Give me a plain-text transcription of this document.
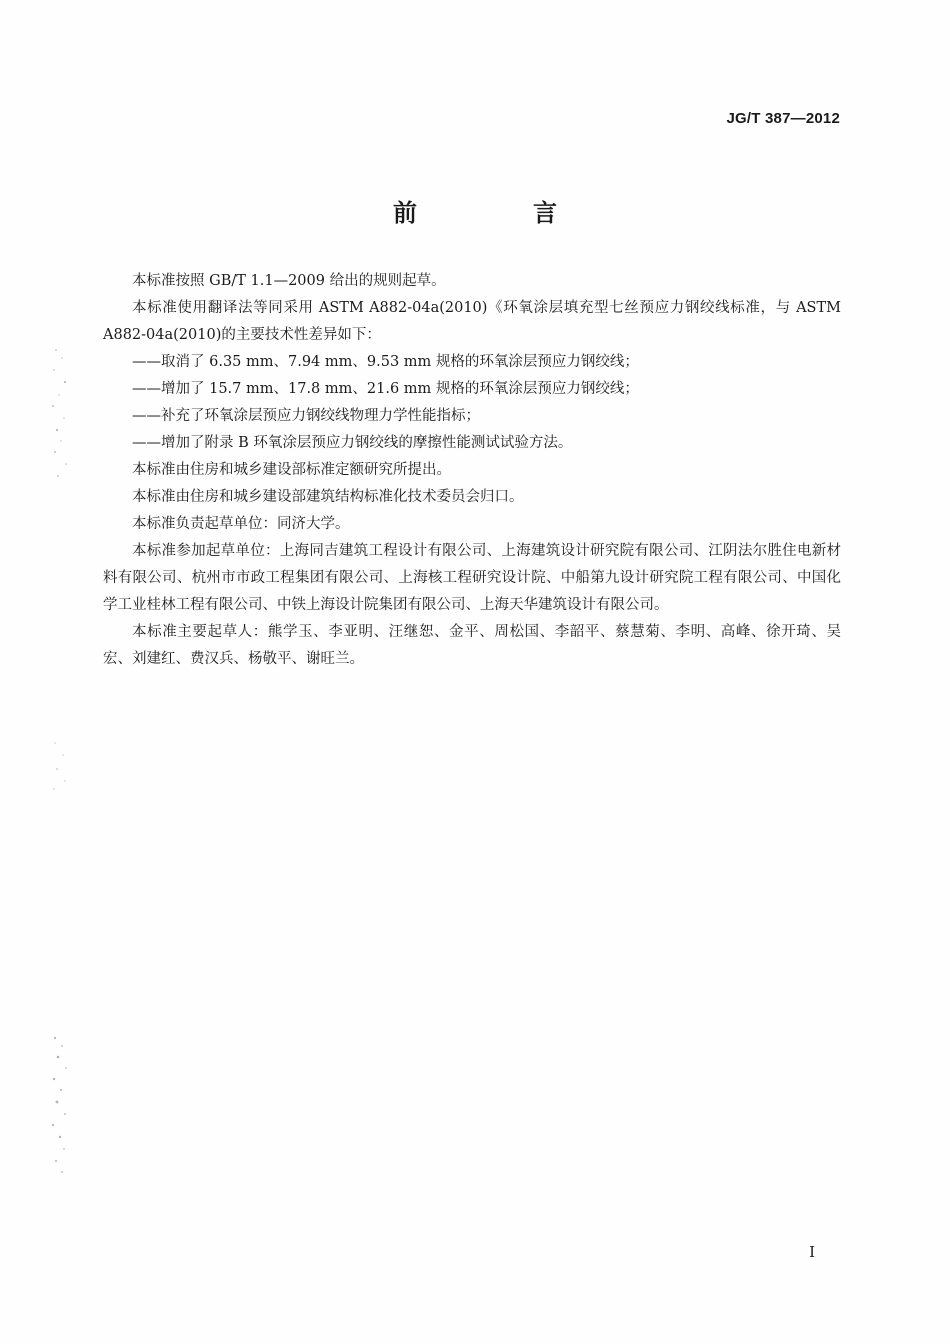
JG/T 387—2012
前　言

本标准按照 GB/T 1.1—2009 给出的规则起草。

本标准使用翻译法等同采用 ASTM A882-04a(2010)《环氧涂层填充型七丝预应力钢绞线标准，与 ASTM A882-04a(2010)的主要技术性差异如下：

——取消了 6.35 mm、7.94 mm、9.53 mm 规格的环氧涂层预应力钢绞线；

——增加了 15.7 mm、17.8 mm、21.6 mm 规格的环氧涂层预应力钢绞线；

——补充了环氧涂层预应力钢绞线物理力学性能指标；

——增加了附录 B 环氧涂层预应力钢绞线的摩擦性能测试试验方法。

本标准由住房和城乡建设部标准定额研究所提出。

本标准由住房和城乡建设部建筑结构标准化技术委员会归口。

本标准负责起草单位：同济大学。

本标准参加起草单位：上海同吉建筑工程设计有限公司、上海建筑设计研究院有限公司、江阴法尔胜住电新材料有限公司、杭州市市政工程集团有限公司、上海核工程研究设计院、中船第九设计研究院工程有限公司、中国化学工业桂林工程有限公司、中铁上海设计院集团有限公司、上海天华建筑设计有限公司。

本标准主要起草人：熊学玉、李亚明、汪继恕、金平、周松国、李韶平、蔡慧菊、李明、高峰、徐开琦、吴宏、刘建红、费汉兵、杨敬平、谢旺兰。

I
